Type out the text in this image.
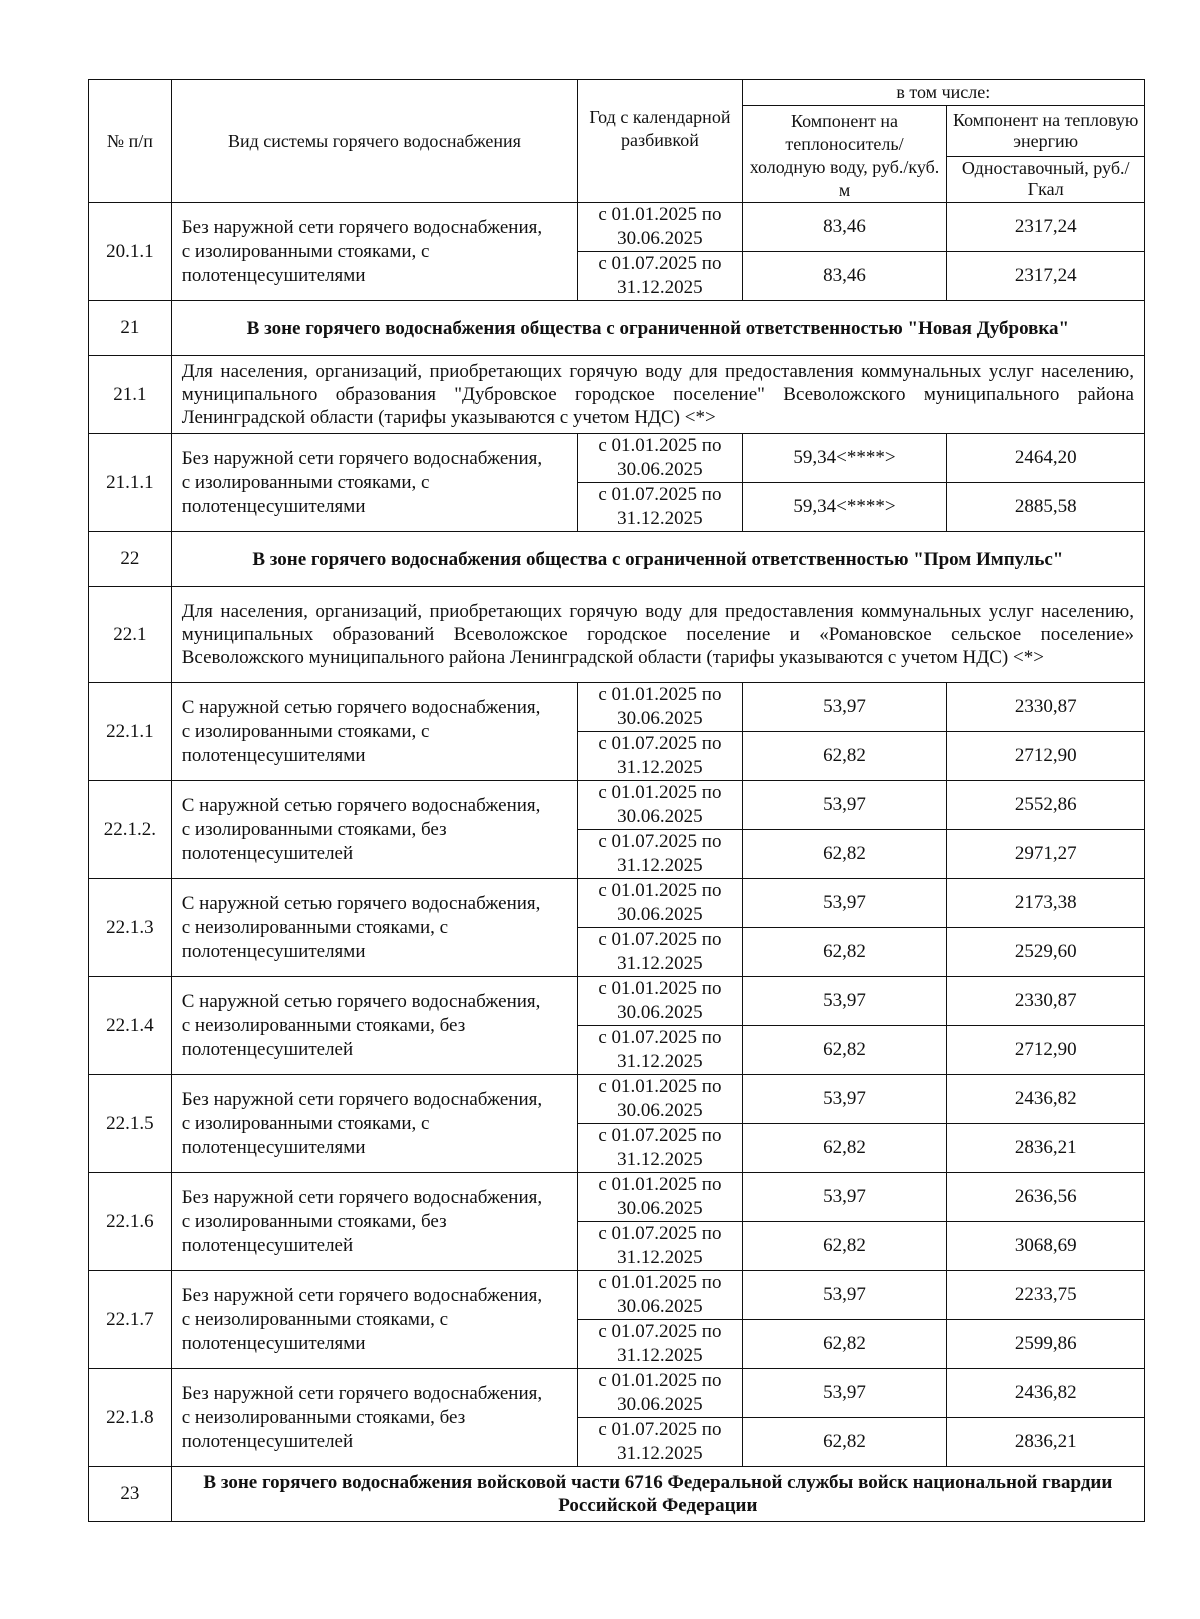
№ п/п	Вид системы горячего водоснабжения	Год с календарной разбивкой	в том числе:	
			Компонент на теплоноситель/ холодную воду, руб./куб. м	Компонент на тепловую энергию
				Одноставочный, руб./Гкал
20.1.1	Без наружной сети горячего водоснабжения, с изолированными стояками, с полотенцесушителями	с 01.01.2025 по 30.06.2025	83,46	2317,24
		с 01.07.2025 по 31.12.2025	83,46	2317,24
21	В зоне горячего водоснабжения общества с ограниченной ответственностью "Новая Дубровка"			
21.1	Для населения, организаций, приобретающих горячую воду для предоставления коммунальных услуг населению, муниципального образования "Дубровское городское поселение" Всеволожского муниципального района Ленинградской области (тарифы указываются с учетом НДС) <*>			
21.1.1	Без наружной сети горячего водоснабжения, с изолированными стояками, с полотенцесушителями	с 01.01.2025 по 30.06.2025	59,34<****>	2464,20
		с 01.07.2025 по 31.12.2025	59,34<****>	2885,58
22	В зоне горячего водоснабжения общества с ограниченной ответственностью "Пром Импульс"			
22.1	Для населения, организаций, приобретающих горячую воду для предоставления коммунальных услуг населению, муниципальных образований Всеволожское городское поселение и «Романовское сельское поселение» Всеволожского муниципального района Ленинградской области (тарифы указываются с учетом НДС) <*>			
22.1.1	С наружной сетью горячего водоснабжения, с изолированными стояками, с полотенцесушителями	с 01.01.2025 по 30.06.2025	53,97	2330,87
		с 01.07.2025 по 31.12.2025	62,82	2712,90
22.1.2.	С наружной сетью горячего водоснабжения, с изолированными стояками, без полотенцесушителей	с 01.01.2025 по 30.06.2025	53,97	2552,86
		с 01.07.2025 по 31.12.2025	62,82	2971,27
22.1.3	С наружной сетью горячего водоснабжения, с неизолированными стояками, с полотенцесушителями	с 01.01.2025 по 30.06.2025	53,97	2173,38
		с 01.07.2025 по 31.12.2025	62,82	2529,60
22.1.4	С наружной сетью горячего водоснабжения, с неизолированными стояками, без полотенцесушителей	с 01.01.2025 по 30.06.2025	53,97	2330,87
		с 01.07.2025 по 31.12.2025	62,82	2712,90
22.1.5	Без наружной сети горячего водоснабжения, с изолированными стояками, с полотенцесушителями	с 01.01.2025 по 30.06.2025	53,97	2436,82
		с 01.07.2025 по 31.12.2025	62,82	2836,21
22.1.6	Без наружной сети горячего водоснабжения, с изолированными стояками, без полотенцесушителей	с 01.01.2025 по 30.06.2025	53,97	2636,56
		с 01.07.2025 по 31.12.2025	62,82	3068,69
22.1.7	Без наружной сети горячего водоснабжения, с неизолированными стояками, с полотенцесушителями	с 01.01.2025 по 30.06.2025	53,97	2233,75
		с 01.07.2025 по 31.12.2025	62,82	2599,86
22.1.8	Без наружной сети горячего водоснабжения, с неизолированными стояками, без полотенцесушителей	с 01.01.2025 по 30.06.2025	53,97	2436,82
		с 01.07.2025 по 31.12.2025	62,82	2836,21
23	В зоне горячего водоснабжения войсковой части 6716 Федеральной службы войск национальной гвардии Российской Федерации			
